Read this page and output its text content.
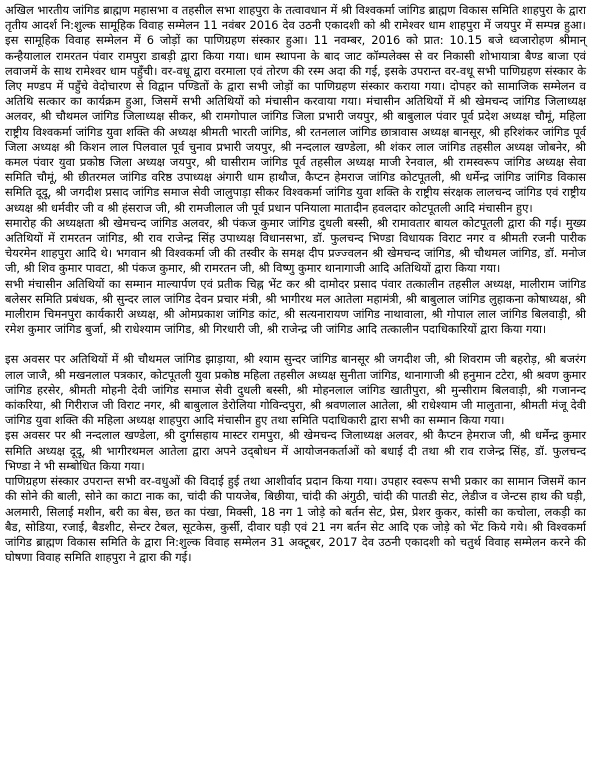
अखिल भारतीय जांगिड ब्राह्मण महासभा व तहसील सभा शाहपुरा के तत्वावधान में श्री विश्वकर्मा जांगिड ब्राह्मण विकास समिति शाहपुरा के द्वारा तृतीय आदर्श नि:शुल्क सामूहिक विवाह सम्मेलन 11 नवंबर 2016 देव उठनी एकादशी को श्री रामेश्वर धाम शाहपुरा में जयपुर में सम्पन्न हुआ। इस सामूहिक विवाह सम्मेलन में 6 जोड़ों का पाणिग्रहण संस्कार हुआ। 11 नवम्बर, 2016 को प्रात: 10.15 बजे ध्वजारोहण श्रीमान् कन्हैयालाल रामरतन पंवार रामपुरा डाबड़ी द्वारा किया गया। धाम स्थापना के बाद जाट कॉम्पलेक्स से वर निकासी शोभायात्रा बैण्ड बाजा एवं लवाजमें के साथ रामेश्वर धाम पहुँची। वर-वधू द्वारा वरमाला एवं तोरण की रस्म अदा की गई, इसके उपरान्त वर-वधू सभी पाणिग्रहण संस्कार के लिए मण्डप में पहुँचे वेदोचारण से विद्वान पण्डितों के द्वारा सभी जोड़ों का पाणिग्रहण संस्कार कराया गया। दोपहर को सामाजिक सम्मेलन व अतिथि सत्कार का कार्यक्रम हुआ, जिसमें सभी अतिथियों को मंचासीन करवाया गया। मंचासीन अतिथियों में श्री खेमचन्द जांगिड जिलाध्यक्ष अलवर, श्री चौथमल जांगिड जिलाध्यक्ष सीकर, श्री रामगोपाल जांगिड जिला प्रभारी जयपुर, श्री बाबुलाल पंवार पूर्व प्रदेश अध्यक्ष चौमूं, महिला राष्ट्रीय विश्वकर्मा जांगिड युवा शक्ति की अध्यक्ष श्रीमती भारती जांगिड, श्री रतनलाल जांगिड छात्रावास अध्यक्ष बानसूर, श्री हरिशंकर जांगिड पूर्व जिला अध्यक्ष श्री किशन लाल पिलवाल पूर्व चुनाव प्रभारी जयपुर, श्री नन्दलाल खण्डेला, श्री शंकर लाल जांगिड तहसील अध्यक्ष जोबनेर, श्री कमल पंवार युवा प्रकोष्ठ जिला अध्यक्ष जयपुर, श्री घासीराम जांगिड पूर्व तहसील अध्यक्ष माजी रेनवाल, श्री रामस्वरूप जांगिड अध्यक्ष सेवा समिति चौमूं, श्री छीतरमल जांगिड वरिष्ठ उपाध्यक्ष अंगारी धाम हाथौज, कैप्टन हेमराज जांगिड कोटपूतली, श्री धर्मेन्द्र जांगिड जांगिड विकास समिति दूदू, श्री जगदीश प्रसाद जांगिड समाज सेवी जालुपाड़ा सीकर विश्वकर्मा जांगिड युवा शक्ति के राष्ट्रीय संरक्षक लालचन्द जांगिड एवं राष्ट्रीय अध्यक्ष श्री धर्मवीर जी व श्री हंसराज जी, श्री रामजीलाल जी पूर्व प्रधान पनियाला मातादीन हवलदार कोटपूतली आदि मंचासीन हुए।

समारोह की अध्यक्षता श्री खेमचन्द जांगिड अलवर, श्री पंकज कुमार जांगिड दुधली बस्सी, श्री रामावतार बायल कोटपूतली द्वारा की गई। मुख्य अतिथियों में रामरतन जांगिड, श्री राव राजेन्द्र सिंह उपाध्यक्ष विधानसभा, डॉ. फुलचन्द भिण्डा विधायक विराट नगर व श्रीमती रजनी पारीक चेयरमेन शाहपुरा आदि थे। भगवान श्री विश्वकर्मा जी की तस्वीर के समक्ष दीप प्रज्ज्वलन श्री खेमचन्द जांगिड, श्री चौथमल जांगिड, डॉ. मनोज जी, श्री शिव कुमार पावटा, श्री पंकज कुमार, श्री रामरतन जी, श्री विष्णु कुमार थानागाजी आदि अतिथियों द्वारा किया गया।

सभी मंचासीन अतिथियों का सम्मान माल्यार्पण एवं प्रतीक चिह्न भेंट कर श्री दामोदर प्रसाद पंवार तत्कालीन तहसील अध्यक्ष, मालीराम जांगिड बलेसर समिति प्रबंधक, श्री सुन्दर लाल जांगिड देवन प्रचार मंत्री, श्री भागीरथ मल आतेला महामंत्री, श्री बाबुलाल जांगिड लुहाकना कोषाध्यक्ष, श्री मालीराम चिमनपुरा कार्यकारी अध्यक्ष, श्री ओमप्रकाश जांगिड कांट, श्री सत्यनारायण जांगिड नाथावाला, श्री गोपाल लाल जांगिड बिलवाड़ी, श्री रमेश कुमार जांगिड बुर्जा, श्री राधेश्याम जांगिड, श्री गिरधारी जी, श्री राजेन्द्र जी जांगिड आदि तत्कालीन पदाधिकारियों द्वारा किया गया।

इस अवसर पर अतिथियों में श्री चौथमल जांगिड झाड़ाया, श्री श्याम सुन्दर जांगिड बानसूर श्री जगदीश जी, श्री शिवराम जी बहरोड़, श्री बजरंग लाल जाजै, श्री मखनलाल पत्रकार, कोटपूतली युवा प्रकोष्ठ महिला तहसील अध्यक्ष सुनीता जांगिड, थानागाजी श्री हनुमान टटेरा, श्री श्रवण कुमार जांगिड हरसेर, श्रीमती मोहनी देवी जांगिड समाज सेवी दुधली बस्सी, श्री मोहनलाल जांगिड खातीपुरा, श्री मुन्सीराम बिलवाड़ी, श्री गजानन्द कांकरिया, श्री गिरीराज जी विराट नगर, श्री बाबुलाल डेरोलिया गोविन्दपुरा, श्री श्रवणलाल आतेला, श्री राधेश्याम जी मालुताना, श्रीमती मंजू देवी जांगिड युवा शक्ति की महिला अध्यक्ष शाहपुरा आदि मंचासीन हुए तथा समिति पदाधिकारी द्वारा सभी का सम्मान किया गया।

इस अवसर पर श्री नन्दलाल खण्डेला, श्री दुर्गासहाय मास्टर रामपुरा, श्री खेमचन्द जिलाध्यक्ष अलवर, श्री कैप्टन हेमराज जी, श्री धर्मेन्द्र कुमार समिति अध्यक्ष दूदू, श्री भागीरथमल आतेला द्वारा अपने उद्‌बोधन में आयोजनकर्ताओं को बधाई दी तथा श्री राव राजेन्द्र सिंह, डॉ. फुलचन्द भिण्डा ने भी सम्बोधित किया गया।

पाणिग्रहण संस्कार उपरान्त सभी वर-वधुओं की विदाई हुई तथा आशीर्वाद प्रदान किया गया। उपहार स्वरूप सभी प्रकार का सामान जिसमें कान की सोने की बाली, सोने का काटा नाक का, चांदी की पायजेब, बिछीया, चांदी की अंगुठी, चांदी की पातडी सेट, लेडीज व जेन्टस हाथ की घड़ी, अलमारी, सिलाई मशीन, बरी का बेस, छत का पंखा, मिक्सी, 18 नग 1 जोड़े को बर्तन सेट, प्रेस, प्रेशर कुकर, कांसी का कचोला, लकड़ी का बैड, सोडिया, रजाई, बैडशीट, सेन्टर टेबल, सूटकेस, कुर्सी, दीवार घड़ी एवं 21 नग बर्तन सेट आदि एक जोड़े को भेंट किये गये। श्री विश्वकर्मा जांगिड ब्राह्मण विकास समिति के द्वारा नि:शुल्क विवाह सम्मेलन 31 अक्टूबर, 2017 देव उठनी एकादशी को चतुर्थ विवाह सम्मेलन करने की घोषणा विवाह समिति शाहपुरा ने द्वारा की गई।
